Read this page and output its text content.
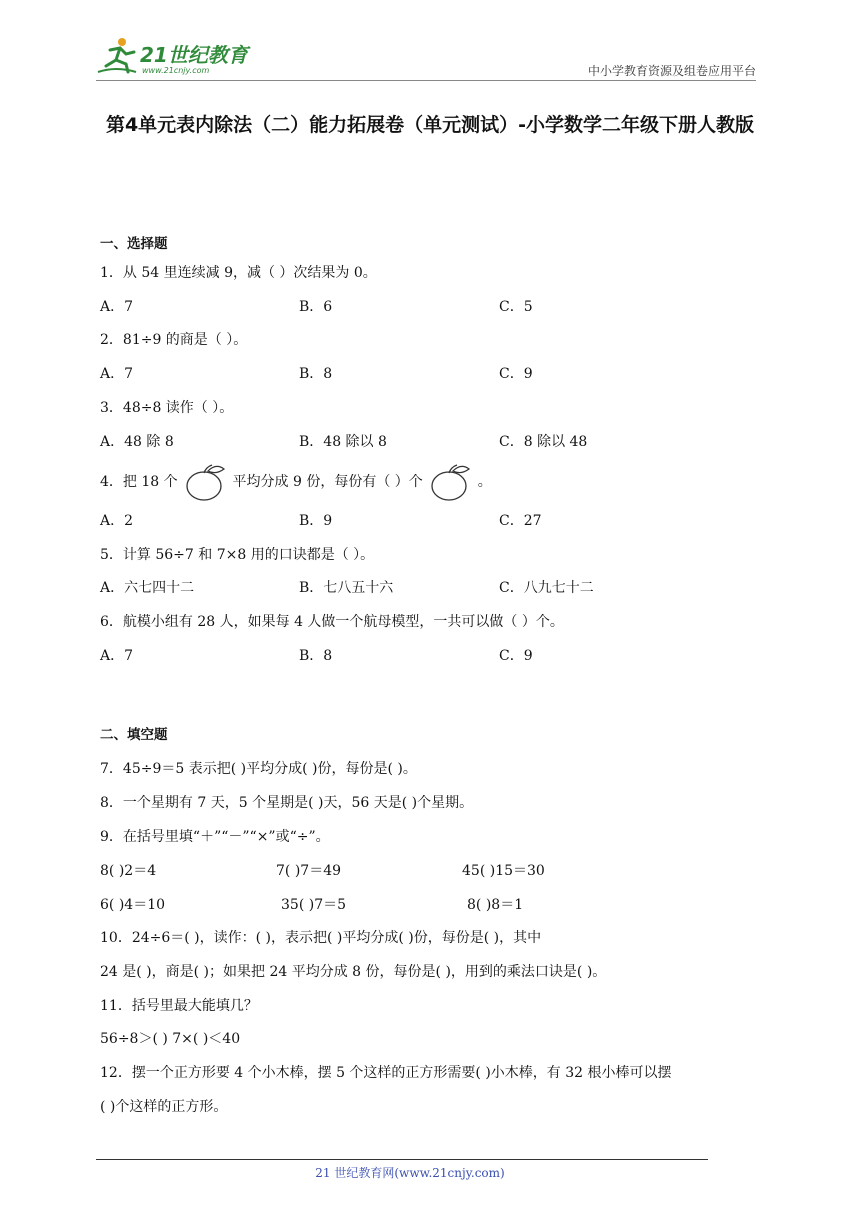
21世纪教育
www.21cnjy.com	中小学教育资源及组卷应用平台
第4单元表内除法（二）能力拓展卷（单元测试）-小学数学二年级下册人教版
一、选择题
1．从 54 里连续减 9，减（ ）次结果为 0。
A．7	B．6	C．5
2．81÷9 的商是（ ）。
A．7	B．8	C．9
3．48÷8 读作（ ）。
A．48 除 8	B．48 除以 8	C．8 除以 48
4．把 18 个	平均分成 9 份，每份有（ ）个	。
A．2	B．9	C．27
5．计算 56÷7 和 7×8 用的口诀都是（ ）。
A．六七四十二	B．七八五十六	C．八九七十二
6．航模小组有 28 人，如果每 4 人做一个航母模型，一共可以做（ ）个。
A．7	B．8	C．9
二、填空题
7．45÷9＝5 表示把( )平均分成( )份，每份是( )。
8．一个星期有 7 天，5 个星期是( )天，56 天是( )个星期。
9．在括号里填“＋”“－”“×”或“÷”。
8( )2＝4	7( )7＝49	45( )15＝30
6( )4＝10	35( )7＝5	8( )8＝1
10．24÷6＝( )，读作：( )，表示把( )平均分成( )份，每份是( )，其中
24 是( )，商是( )；如果把 24 平均分成 8 份，每份是( )，用到的乘法口诀是( )。
11．括号里最大能填几？
56÷8＞( ) 7×( )＜40
12．摆一个正方形要 4 个小木棒，摆 5 个这样的正方形需要( )小木棒，有 32 根小棒可以摆
( )个这样的正方形。
21 世纪教育网(www.21cnjy.com)
